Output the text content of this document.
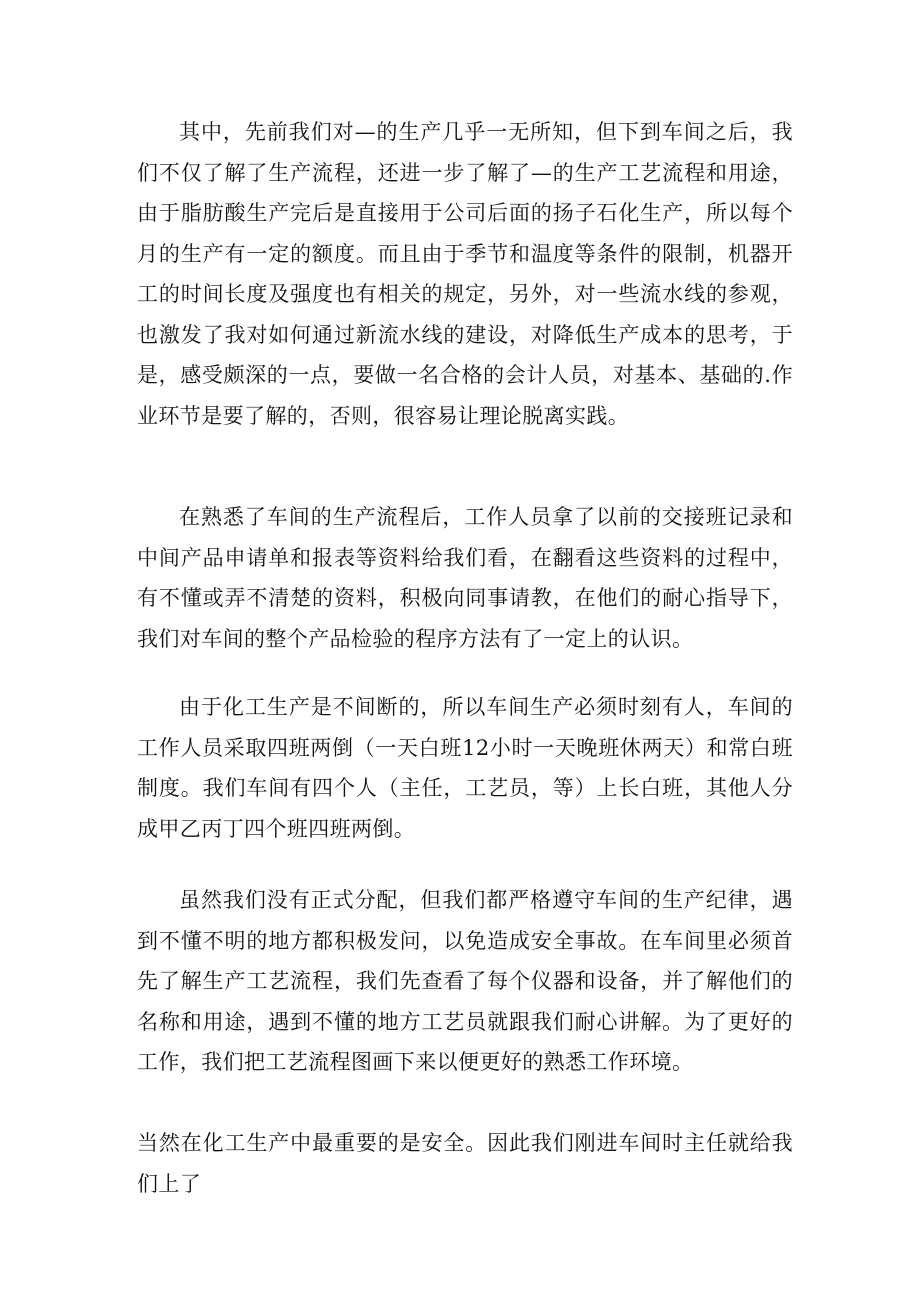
其中，先前我们对—的生产几乎一无所知，但下到车间之后，我们不仅了解了生产流程，还进一步了解了—的生产工艺流程和用途，由于脂肪酸生产完后是直接用于公司后面的扬子石化生产，所以每个月的生产有一定的额度。而且由于季节和温度等条件的限制，机器开工的时间长度及强度也有相关的规定，另外，对一些流水线的参观，也激发了我对如何通过新流水线的建设，对降低生产成本的思考，于是，感受颇深的一点，要做一名合格的会计人员，对基本、基础的.作业环节是要了解的，否则，很容易让理论脱离实践。

在熟悉了车间的生产流程后，工作人员拿了以前的交接班记录和中间产品申请单和报表等资料给我们看，在翻看这些资料的过程中，有不懂或弄不清楚的资料，积极向同事请教，在他们的耐心指导下，我们对车间的整个产品检验的程序方法有了一定上的认识。

由于化工生产是不间断的，所以车间生产必须时刻有人，车间的工作人员采取四班两倒（一天白班12小时一天晚班休两天）和常白班制度。我们车间有四个人（主任，工艺员，等）上长白班，其他人分成甲乙丙丁四个班四班两倒。

虽然我们没有正式分配，但我们都严格遵守车间的生产纪律，遇到不懂不明的地方都积极发问，以免造成安全事故。在车间里必须首先了解生产工艺流程，我们先查看了每个仪器和设备，并了解他们的名称和用途，遇到不懂的地方工艺员就跟我们耐心讲解。为了更好的工作，我们把工艺流程图画下来以便更好的熟悉工作环境。

当然在化工生产中最重要的是安全。因此我们刚进车间时主任就给我们上了
